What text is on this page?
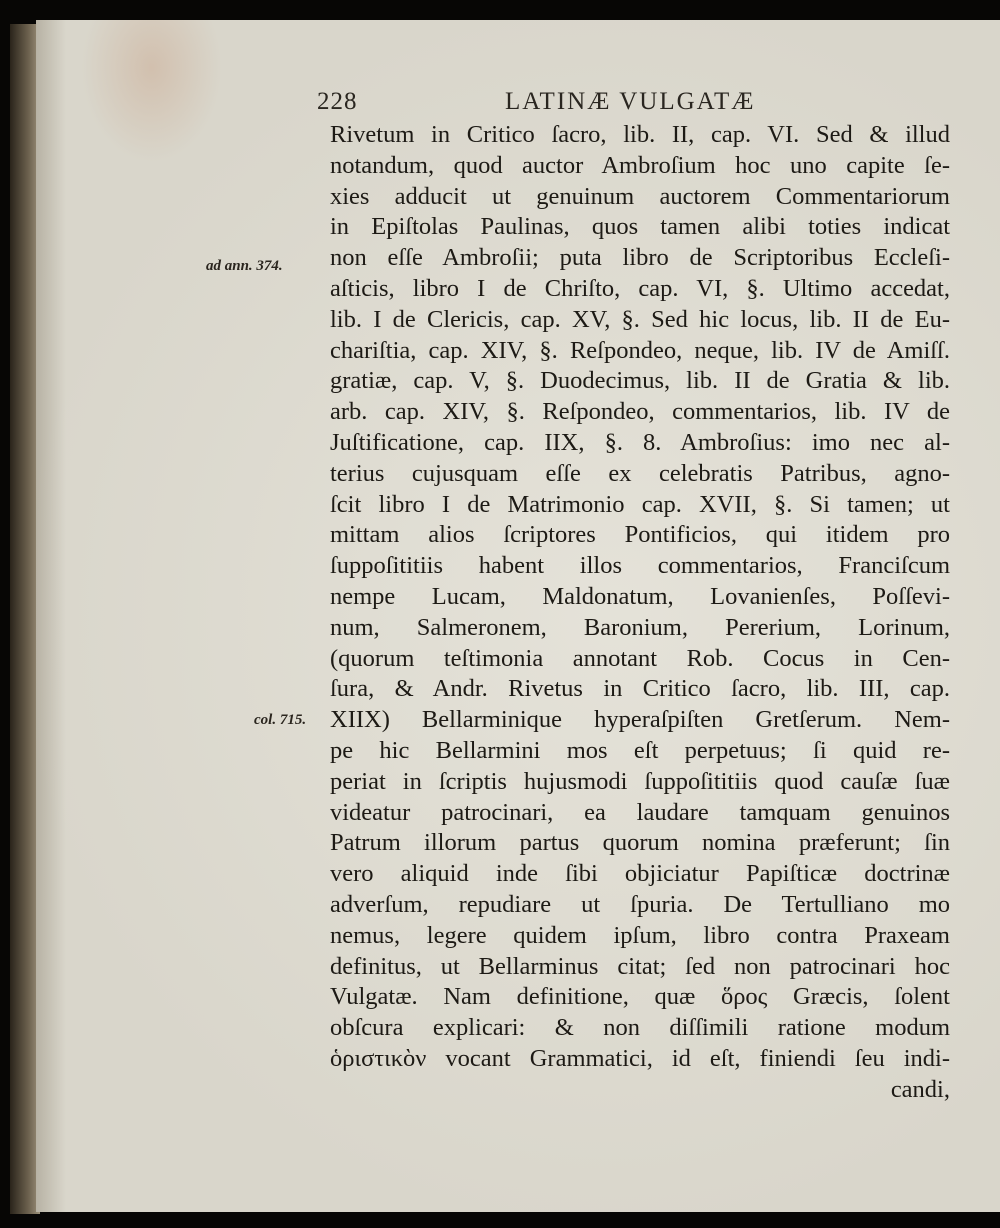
228	LATINÆ VULGATÆ
ad ann. 374.
col. 715.
Rivetum in Critico ſacro, lib. II, cap. VI. Sed & illud
notandum, quod auctor Ambroſium hoc uno capite ſe-
xies adducit ut genuinum auctorem Commentariorum
in Epiſtolas Paulinas, quos tamen alibi toties indicat
non eſſe Ambroſii; puta libro de Scriptoribus Eccleſi-
aſticis, libro I de Chriſto, cap. VI, §. Ultimo accedat,
lib. I de Clericis, cap. XV, §. Sed hic locus, lib. II de Eu-
chariſtia, cap. XIV, §. Reſpondeo, neque, lib. IV de Amiſſ.
gratiæ, cap. V, §. Duodecimus, lib. II de Gratia & lib.
arb. cap. XIV, §. Reſpondeo, commentarios, lib. IV de
Juſtificatione, cap. IIX, §. 8. Ambroſius: imo nec al-
terius cujusquam eſſe ex celebratis Patribus, agno-
ſcit libro I de Matrimonio cap. XVII, §. Si tamen; ut
mittam alios ſcriptores Pontificios, qui itidem pro
ſuppoſititiis habent illos commentarios, Franciſcum
nempe Lucam, Maldonatum, Lovanienſes, Poſſevi-
num, Salmeronem, Baronium, Pererium, Lorinum,
(quorum teſtimonia annotant Rob. Cocus in Cen-
ſura, & Andr. Rivetus in Critico ſacro, lib. III, cap.
XIIX) Bellarminique hyperaſpiſten Gretſerum. Nem-
pe hic Bellarmini mos eſt perpetuus; ſi quid re-
periat in ſcriptis hujusmodi ſuppoſititiis quod cauſæ ſuæ
videatur patrocinari, ea laudare tamquam genuinos
Patrum illorum partus quorum nomina præferunt; ſin
vero aliquid inde ſibi objiciatur Papiſticæ doctrinæ
adverſum, repudiare ut ſpuria. De Tertulliano mo
nemus, legere quidem ipſum, libro contra Praxeam
definitus, ut Bellarminus citat; ſed non patrocinari hoc
Vulgatæ. Nam definitione, quæ ὅρος Græcis, ſolent
obſcura explicari: & non diſſimili ratione modum
ὁριστικὸν vocant Grammatici, id eſt, finiendi ſeu indi-
candi,
